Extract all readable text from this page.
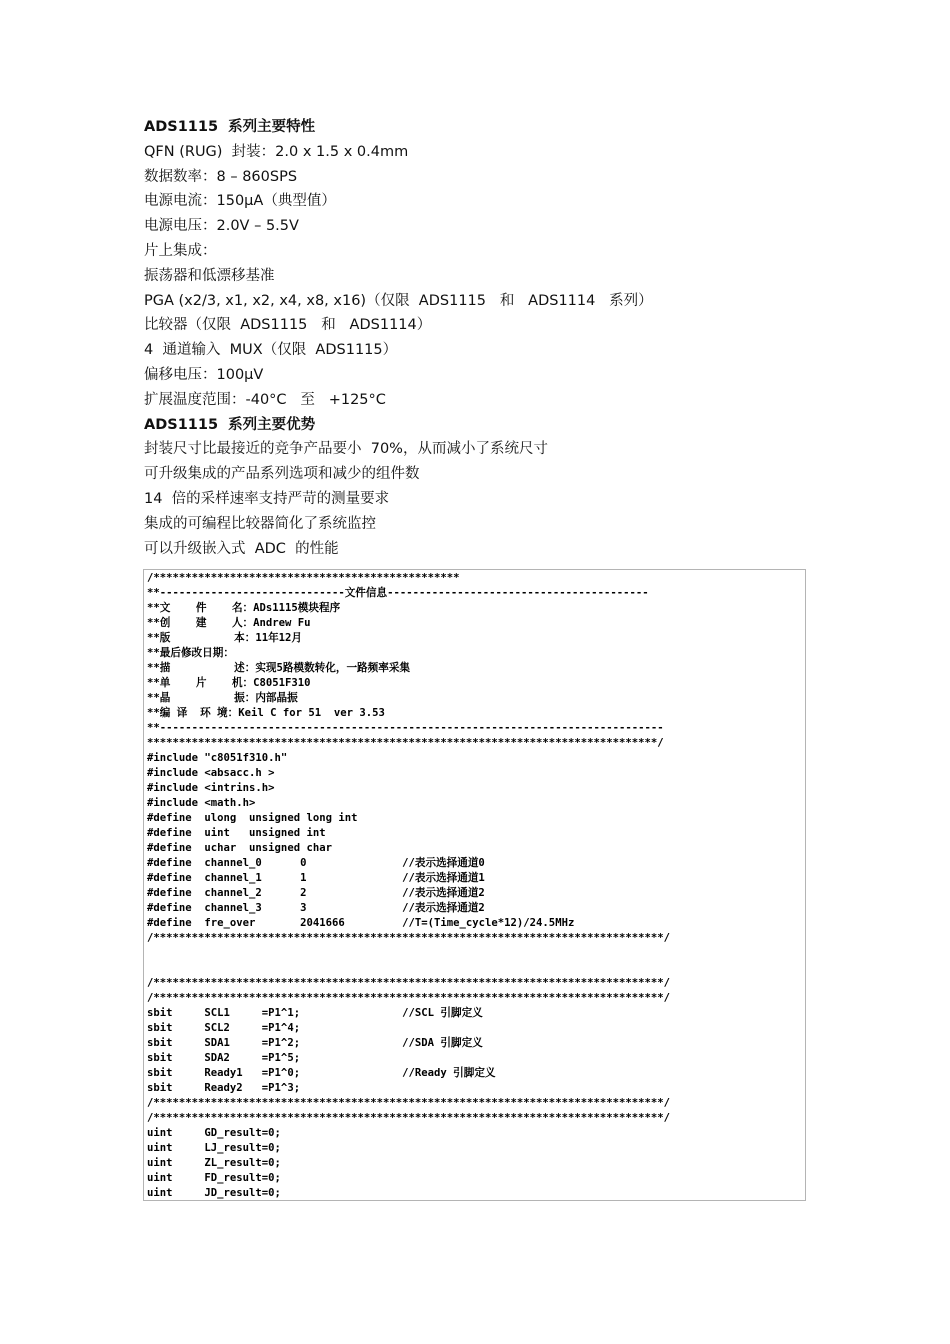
ADS1115  系列主要特性
QFN (RUG)  封装：2.0 x 1.5 x 0.4mm
数据数率：8 – 860SPS
电源电流：150μA（典型值）
电源电压：2.0V – 5.5V
片上集成：
振荡器和低漂移基准
PGA (x2/3, x1, x2, x4, x8, x16)（仅限  ADS1115   和   ADS1114   系列）
比较器（仅限  ADS1115   和   ADS1114）
4  通道输入  MUX（仅限  ADS1115）
偏移电压：100μV
扩展温度范围：-40°C   至   +125°C
ADS1115  系列主要优势
封装尺寸比最接近的竞争产品要小  70%，从而减小了系统尺寸
可升级集成的产品系列选项和减少的组件数
14  倍的采样速率支持严苛的测量要求
集成的可编程比较器简化了系统监控
可以升级嵌入式  ADC  的性能
/************************************************
**-----------------------------文件信息-----------------------------------------
**文    件    名：ADs1115模块程序
**创    建    人：Andrew Fu
**版          本：11年12月
**最后修改日期：
**描          述：实现5路模数转化，一路频率采集
**单    片    机：C8051F310
**晶          振：内部晶振
**编 译  环 境：Keil C for 51  ver 3.53
**-------------------------------------------------------------------------------
********************************************************************************/
#include "c8051f310.h"
#include <absacc.h >
#include <intrins.h>
#include <math.h>
#define  ulong  unsigned long int
#define  uint   unsigned int
#define  uchar  unsigned char
#define  channel_0      0               //表示选择通道0
#define  channel_1      1               //表示选择通道1
#define  channel_2      2               //表示选择通道2
#define  channel_3      3               //表示选择通道2
#define  fre_over       2041666         //T=(Time_cycle*12)/24.5MHz
/********************************************************************************/
/********************************************************************************/
/********************************************************************************/
sbit     SCL1     =P1^1;                //SCL 引脚定义
sbit     SCL2     =P1^4;
sbit     SDA1     =P1^2;                //SDA 引脚定义
sbit     SDA2     =P1^5;
sbit     Ready1   =P1^0;                //Ready 引脚定义
sbit     Ready2   =P1^3;
/********************************************************************************/
/********************************************************************************/
uint     GD_result=0;
uint     LJ_result=0;
uint     ZL_result=0;
uint     FD_result=0;
uint     JD_result=0;
